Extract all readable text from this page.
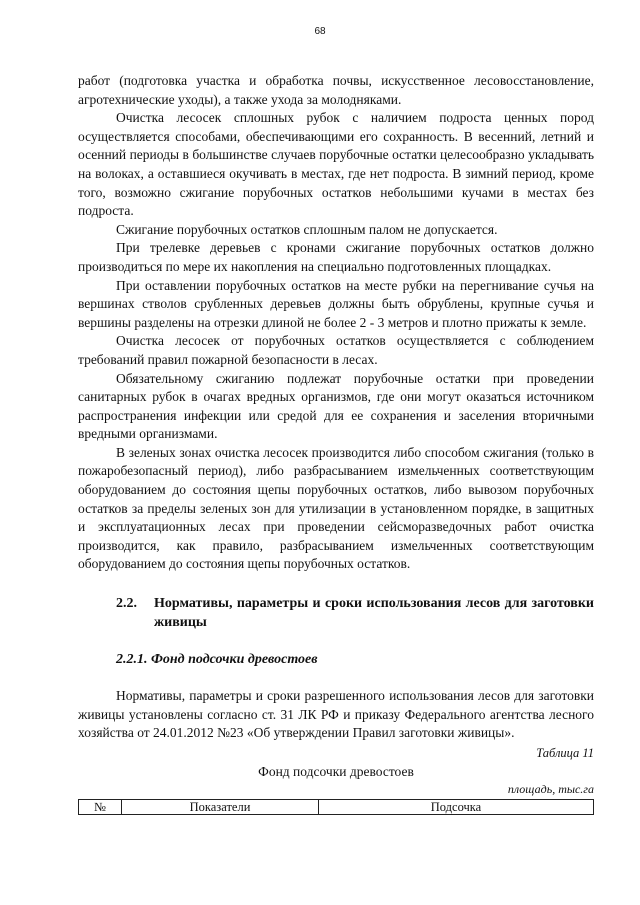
68

работ (подготовка участка и обработка почвы, искусственное лесовосстановление, агротехнические уходы), а также ухода за молодняками.

Очистка лесосек сплошных рубок с наличием подроста ценных пород осуществляется способами, обеспечивающими его сохранность. В весенний, летний и осенний периоды в большинстве случаев порубочные остатки целесообразно укладывать на волоках, а оставшиеся окучивать в местах, где нет подроста. В зимний период, кроме того, возможно сжигание порубочных остатков небольшими кучами в местах без подроста.

Сжигание порубочных остатков сплошным палом не допускается.

При трелевке деревьев с кронами сжигание порубочных остатков должно производиться по мере их накопления на специально подготовленных площадках.

При оставлении порубочных остатков на месте рубки на перегнивание сучья на вершинах стволов срубленных деревьев должны быть обрублены, крупные сучья и вершины разделены на отрезки длиной не более 2 - 3 метров и плотно прижаты к земле.

Очистка лесосек от порубочных остатков осуществляется с соблюдением требований правил пожарной безопасности в лесах.

Обязательному сжиганию подлежат порубочные остатки при проведении санитарных рубок в очагах вредных организмов, где они могут оказаться источником распространения инфекции или средой для ее сохранения и заселения вторичными вредными организмами.

В зеленых зонах очистка лесосек производится либо способом сжигания (только в пожаробезопасный период), либо разбрасыванием измельченных соответствующим оборудованием до состояния щепы порубочных остатков, либо вывозом порубочных остатков за пределы зеленых зон для утилизации в установленном порядке, в защитных и эксплуатационных лесах при проведении сейсморазведочных работ очистка производится, как правило, разбрасыванием измельченных соответствующим оборудованием до состояния щепы порубочных остатков.

2.2.	Нормативы, параметры и сроки использования лесов для заготовки живицы
2.2.1. Фонд подсочки древостоев

Нормативы, параметры и сроки разрешенного использования лесов для заготовки живицы установлены согласно ст. 31 ЛК РФ и приказу Федерального агентства лесного хозяйства от 24.01.2012 №23 «Об утверждении Правил заготовки живицы».

Таблица 11
Фонд подсочки древостоев
площадь, тыс.га
№	Показатели	Подсочка
